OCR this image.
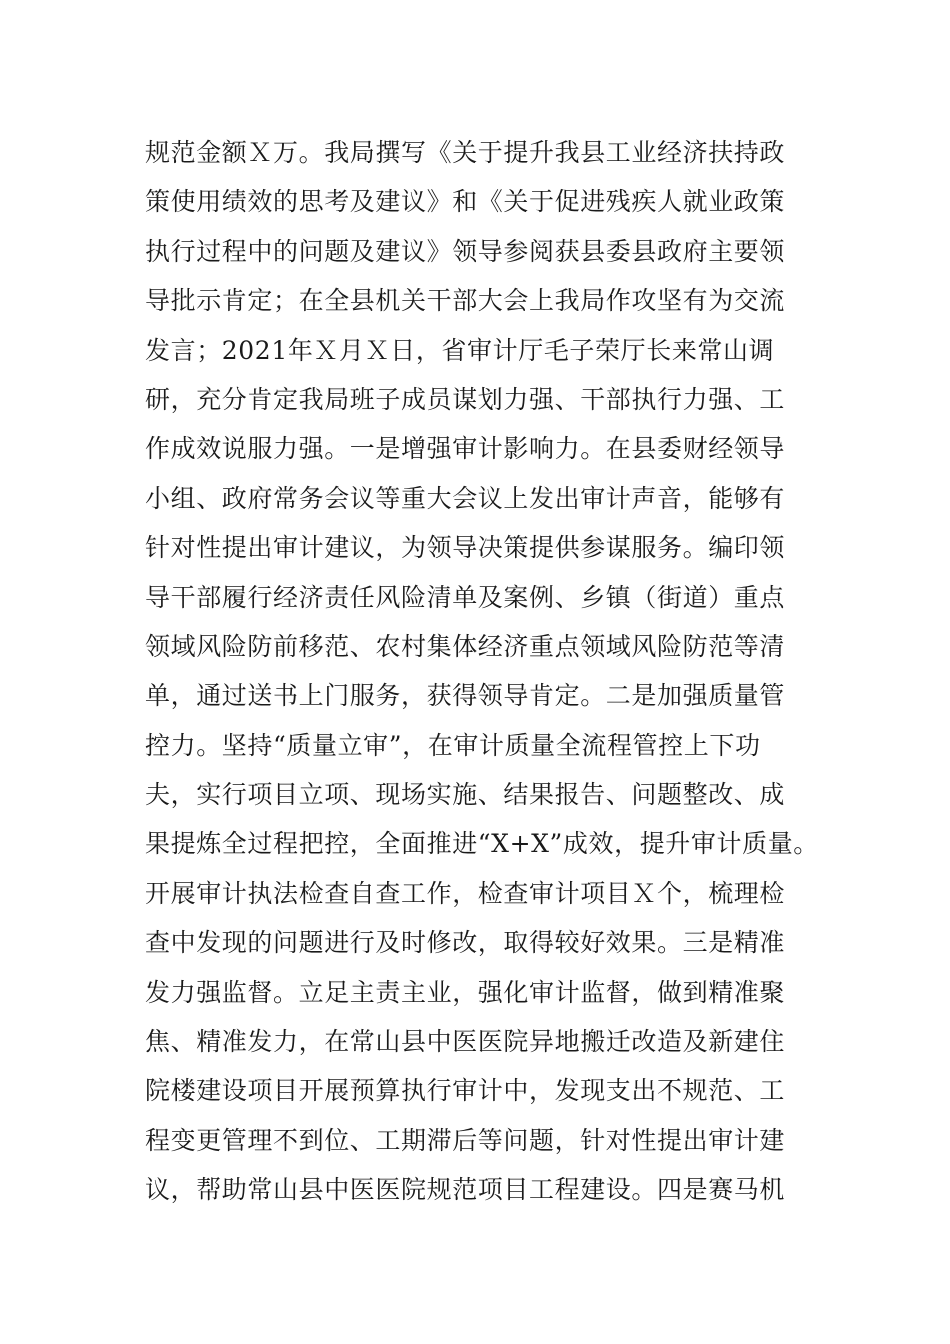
规范金额Ｘ万。我局撰写《关于提升我县工业经济扶持政
策使用绩效的思考及建议》和《关于促进残疾人就业政策
执行过程中的问题及建议》领导参阅获县委县政府主要领
导批示肯定；在全县机关干部大会上我局作攻坚有为交流
发言；2021年Ｘ月Ｘ日，省审计厅毛子荣厅长来常山调
研，充分肯定我局班子成员谋划力强、干部执行力强、工
作成效说服力强。一是增强审计影响力。在县委财经领导
小组、政府常务会议等重大会议上发出审计声音，能够有
针对性提出审计建议，为领导决策提供参谋服务。编印领
导干部履行经济责任风险清单及案例、乡镇（街道）重点
领域风险防前移范、农村集体经济重点领域风险防范等清
单，通过送书上门服务，获得领导肯定。二是加强质量管
控力。坚持“质量立审”，在审计质量全流程管控上下功
夫，实行项目立项、现场实施、结果报告、问题整改、成
果提炼全过程把控，全面推进“X+X”成效，提升审计质量。
开展审计执法检查自查工作，检查审计项目Ｘ个，梳理检
查中发现的问题进行及时修改，取得较好效果。三是精准
发力强监督。立足主责主业，强化审计监督，做到精准聚
焦、精准发力，在常山县中医医院异地搬迁改造及新建住
院楼建设项目开展预算执行审计中，发现支出不规范、工
程变更管理不到位、工期滞后等问题，针对性提出审计建
议，帮助常山县中医医院规范项目工程建设。四是赛马机
